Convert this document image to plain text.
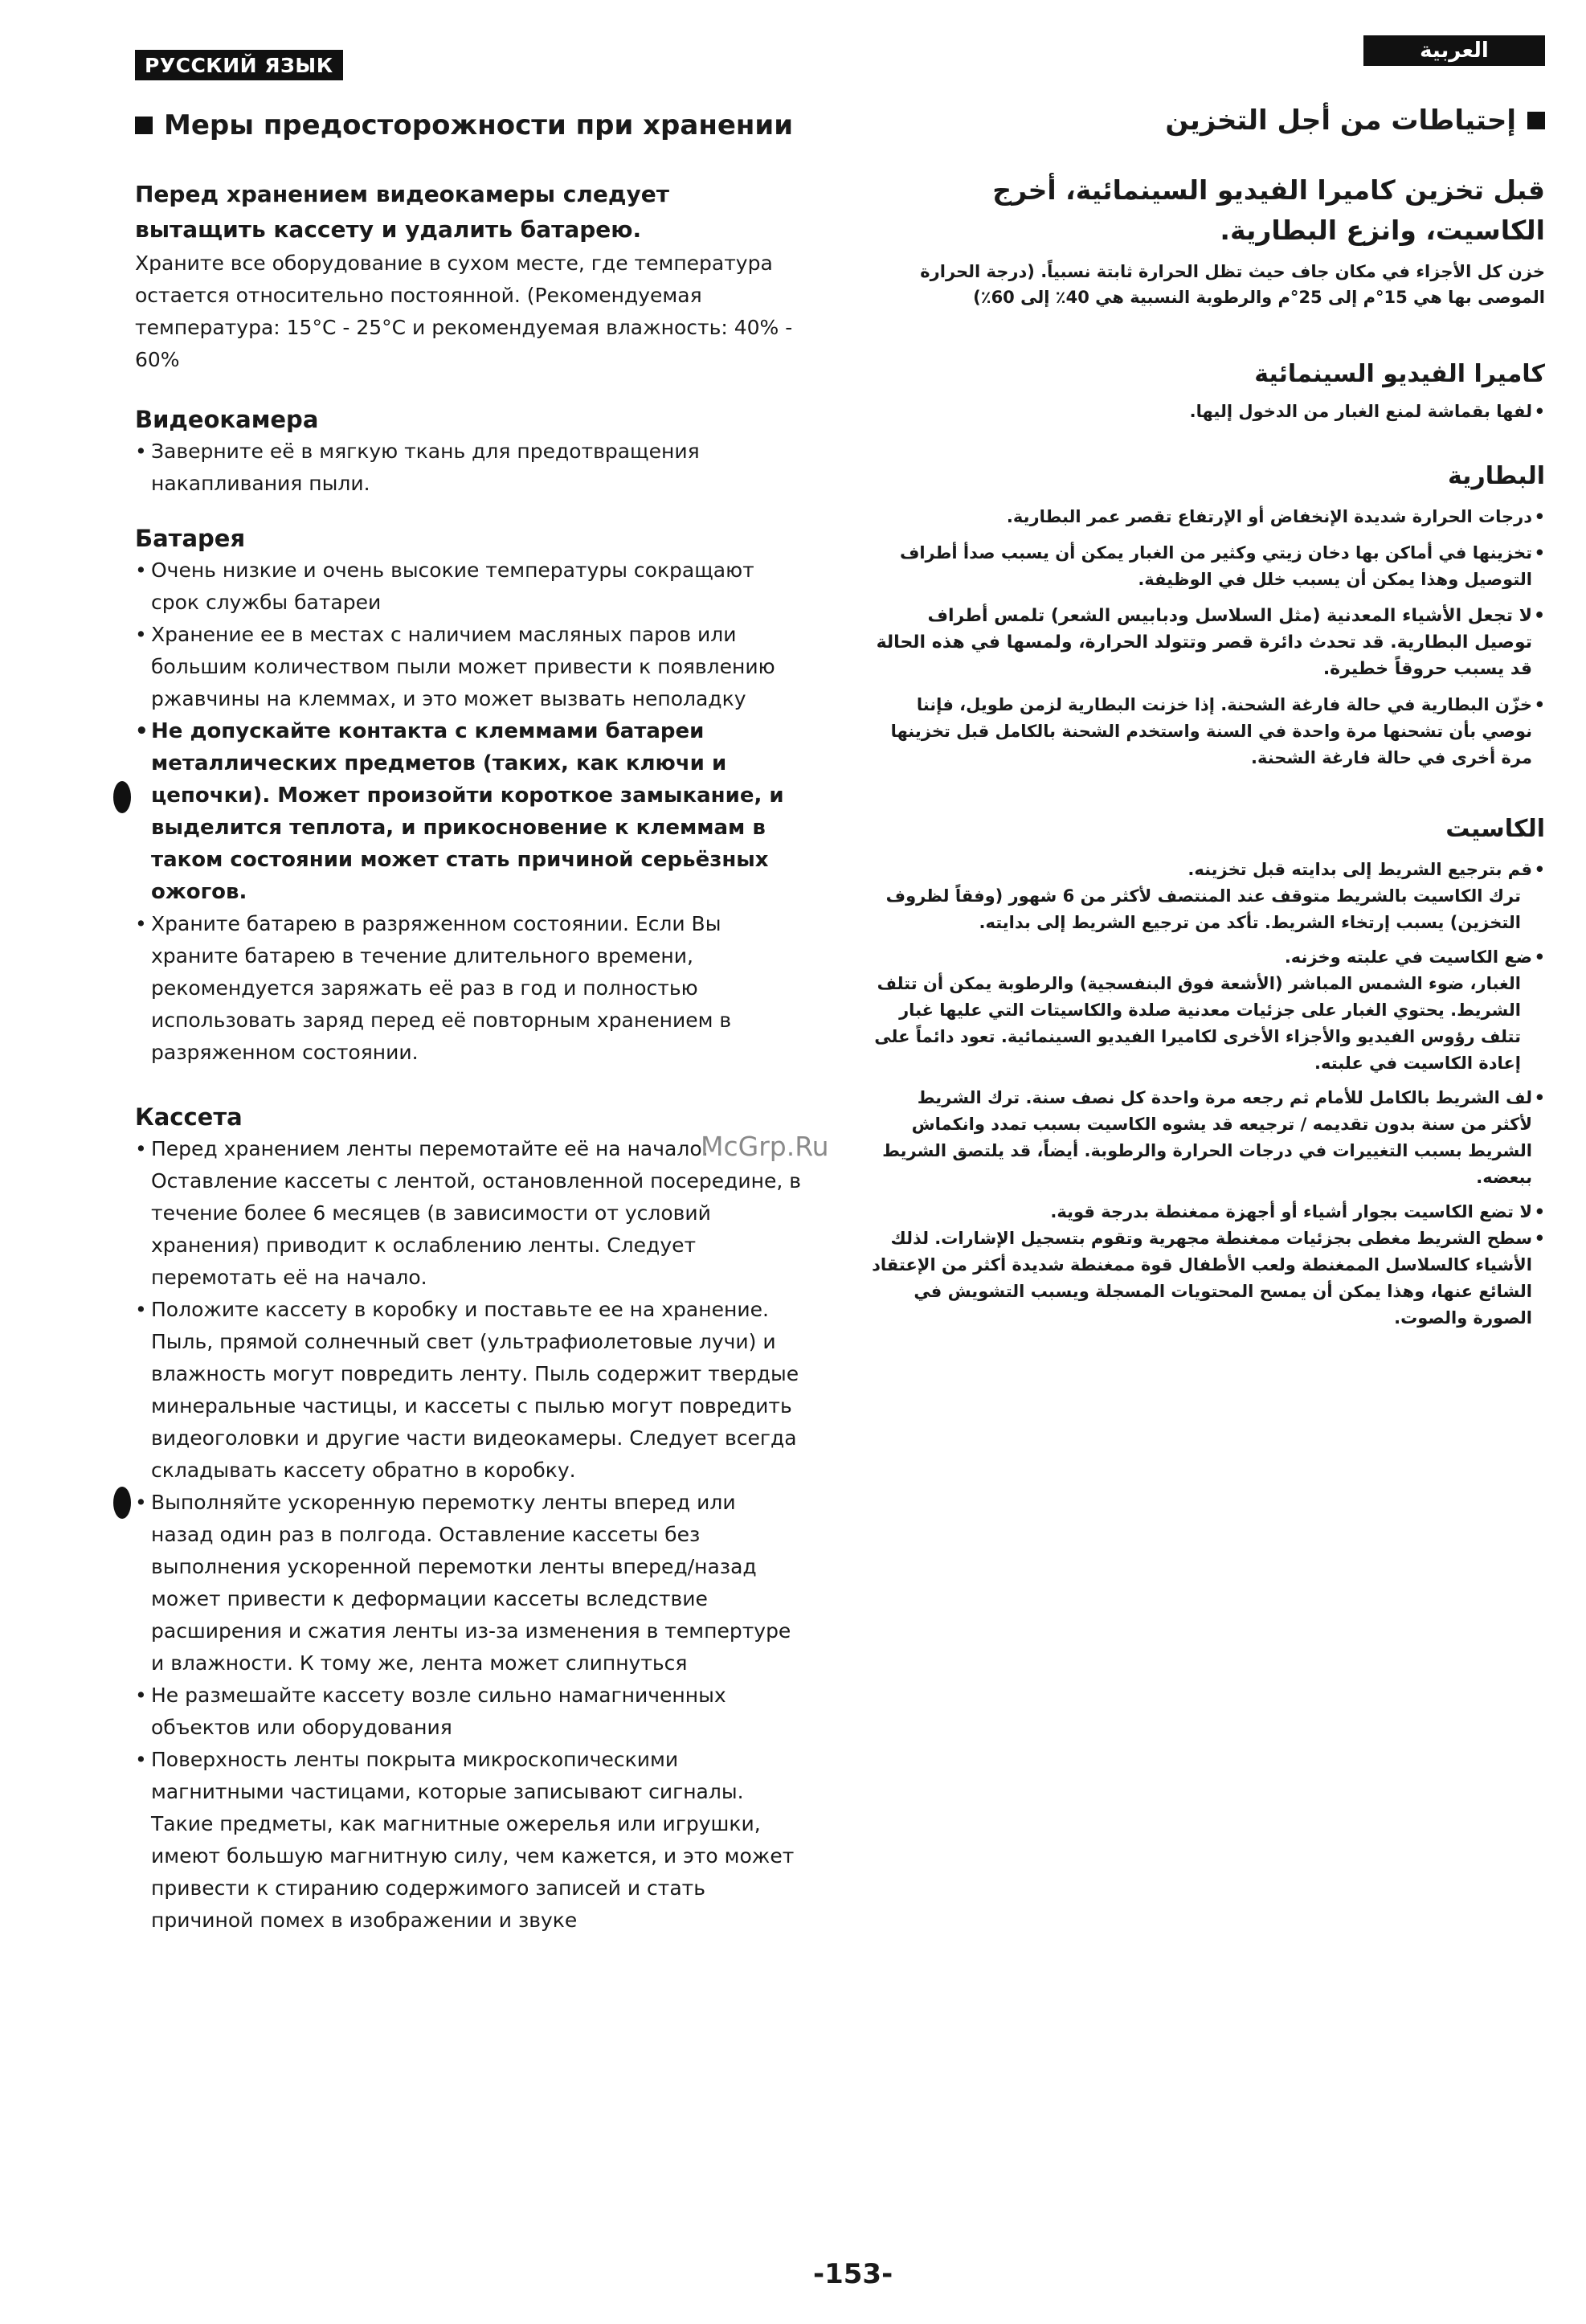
РУССКИЙ ЯЗЫК
Меры предосторожности при хранении

Перед хранением видеокамеры следует вытащить кассету и удалить батарею.

Храните все оборудование в сухом месте, где температура остается относительно постоянной. (Рекомендуемая температура: 15°C - 25°C и рекомендуемая влажность: 40% - 60%

Видеокамера

• Заверните её в мягкую ткань для предотвращения накапливания пыли.

Батарея

• Очень низкие и очень высокие температуры сокращают срок службы батареи

• Хранение ее в местах с наличием масляных паров или большим количеством пыли может привести к появлению ржавчины на клеммах, и это может вызвать неполадку

• Не допускайте контакта с клеммами батареи металлических предметов (таких, как ключи и цепочки). Может произойти короткое замыкание, и выделится теплота, и прикосновение к клеммам в таком состоянии может стать причиной серьёзных ожогов.

• Храните батарею в разряженном состоянии. Если Вы храните батарею в течение длительного времени, рекомендуется заряжать её раз в год и полностью использовать заряд перед её повторным хранением в разряженном состоянии.

Кассета

• Перед хранением ленты перемотайте её на начало. Оставление кассеты с лентой, остановленной посередине, в течение более 6 месяцев (в зависимости от условий хранения) приводит к ослаблению ленты. Следует перемотать её на начало.

• Положите кассету в коробку и поставьте ее на хранение.

Пыль, прямой солнечный свет (ультрафиолетовые лучи) и влажность могут повредить ленту. Пыль содержит твердые минеральные частицы, и кассеты с пылью могут повредить видеоголовки и другие части видеокамеры. Следует всегда складывать кассету обратно в коробку.

• Выполняйте ускоренную перемотку ленты вперед или назад один раз в полгода. Оставление кассеты без выполнения ускоренной перемотки ленты вперед/назад может привести к деформации кассеты вследствие расширения и сжатия ленты из-за изменения в темпертуре и влажности. К тому же, лента может слипнуться

• Не размешайте кассету возле сильно намагниченных объектов или оборудования

• Поверхность ленты покрыта микроскопическими магнитными частицами, которые записывают сигналы. Такие предметы, как магнитные ожерелья или игрушки, имеют большую магнитную силу, чем кажется, и это может привести к стиранию содержимого записей и стать причиной помех в изображении и звуке

العربية
إحتياطات من أجل التخزين

قبل تخزين كاميرا الفيديو السينمائية، أخرج الكاسيت، وانزع البطارية.

خزن كل الأجزاء في مكان جاف حيث تظل الحرارة ثابتة نسبياً. (درجة الحرارة الموصى بها هي 15°م إلى 25°م والرطوبة النسبية هي 40٪ إلى 60٪)

كاميرا الفيديو السينمائية

• لفها بقماشة لمنع الغبار من الدخول إليها.

البطارية

• درجات الحرارة شديدة الإنخفاض أو الإرتفاع تقصر عمر البطارية.

• تخزينها في أماكن بها دخان زيتي وكثير من الغبار يمكن أن يسبب صدأ أطراف التوصيل وهذا يمكن أن يسبب خلل في الوظيفة.

• لا تجعل الأشياء المعدنية (مثل السلاسل ودبابيس الشعر) تلمس أطراف توصيل البطارية. قد تحدث دائرة قصر وتتولد الحرارة، ولمسها في هذه الحالة قد يسبب حروقاً خطيرة.

• خزّن البطارية في حالة فارغة الشحنة. إذا خزنت البطارية لزمن طويل، فإننا نوصي بأن تشحنها مرة واحدة في السنة واستخدم الشحنة بالكامل قبل تخزينها مرة أخرى في حالة فارغة الشحنة.

الكاسيت

• قم بترجيع الشريط إلى بدايته قبل تخزينه.

ترك الكاسيت بالشريط متوقف عند المنتصف لأكثر من 6 شهور (وفقاً لظروف التخزين) يسبب إرتخاء الشريط. تأكد من ترجيع الشريط إلى بدايته.

• ضع الكاسيت في علبته وخزنه.

الغبار، ضوء الشمس المباشر (الأشعة فوق البنفسجية) والرطوبة يمكن أن تتلف الشريط. يحتوي الغبار على جزئيات معدنية صلدة والكاسيتات التي عليها غبار تتلف رؤوس الفيديو والأجزاء الأخرى لكاميرا الفيديو السينمائية. تعود دائماً على إعادة الكاسيت في علبته.

• لف الشريط بالكامل للأمام ثم رجعه مرة واحدة كل نصف سنة. ترك الشريط لأكثر من سنة بدون تقديمه / ترجيعه قد يشوه الكاسيت بسبب تمدد وانكماش الشريط بسبب التغييرات في درجات الحرارة والرطوبة. أيضاً، قد يلتصق الشريط ببعضه.

• لا تضع الكاسيت بجوار أشياء أو أجهزة ممغنطة بدرجة قوية.

• سطح الشريط مغطى بجزئيات ممغنطة مجهرية وتقوم بتسجيل الإشارات. لذلك الأشياء كالسلاسل الممغنطة ولعب الأطفال قوة ممغنطة شديدة أكثر من الإعتقاد الشائع عنها، وهذا يمكن أن يمسح المحتويات المسجلة ويسبب التشويش في الصورة والصوت.

McGrp.Ru
-153-
